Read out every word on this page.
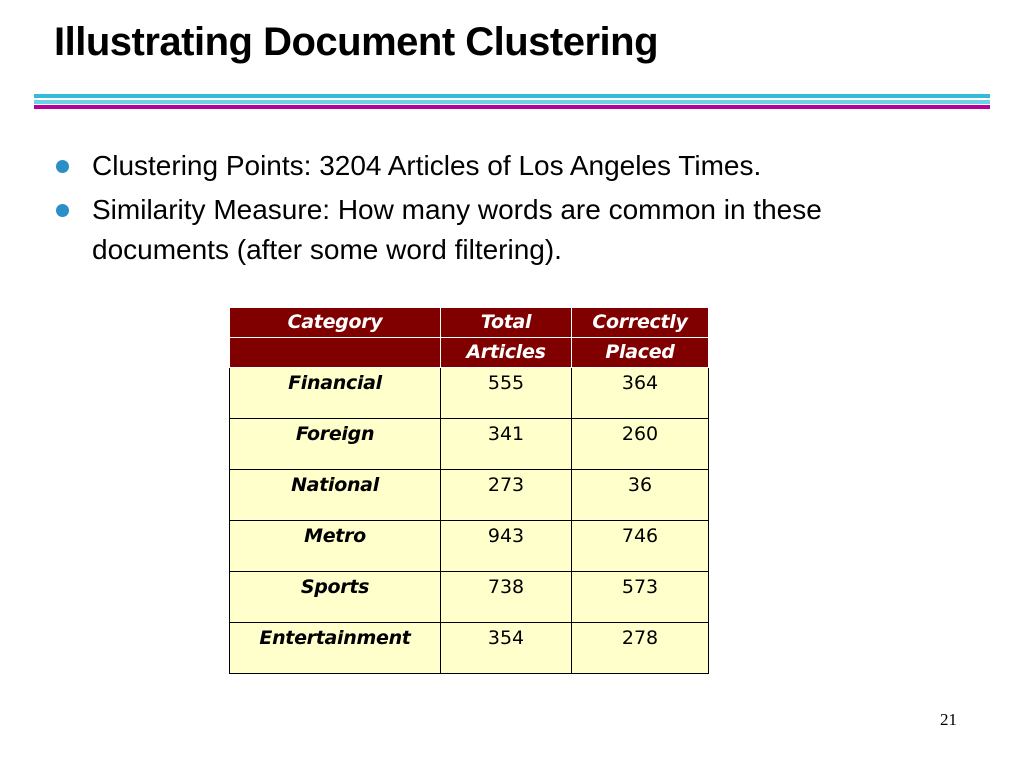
Illustrating Document Clustering
Clustering Points: 3204 Articles of Los Angeles Times.
Similarity Measure: How many words are common in these documents (after some word filtering).
Category	Total	Correctly
	Articles	Placed
Financial	555	364
Foreign	341	260
National	273	36
Metro	943	746
Sports	738	573
Entertainment	354	278
21
